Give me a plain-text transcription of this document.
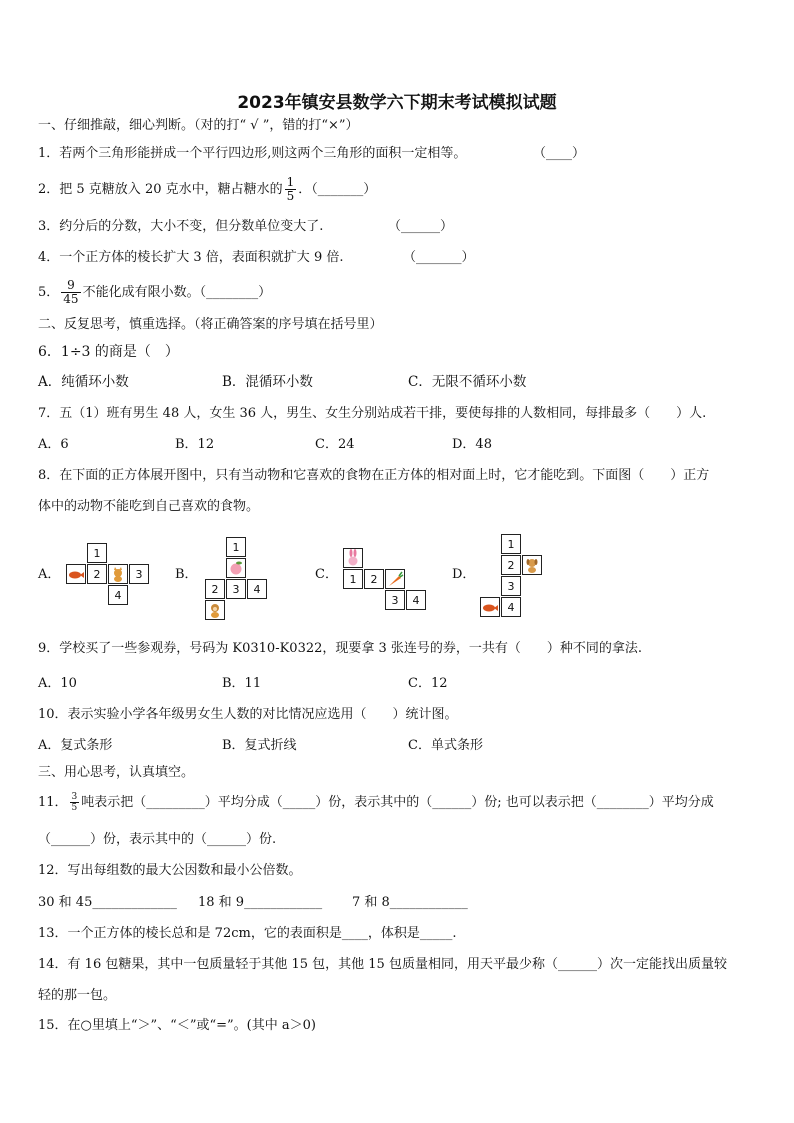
2023年镇安县数学六下期末考试模拟试题
一、仔细推敲，细心判断。（对的打“ √ ”，错的打“×”）
1．若两个三角形能拼成一个平行四边形,则这两个三角形的面积一定相等。	（____）
2．把 5 克糖放入 20 克水中，糖占糖水的 $\frac{1}{5}$ ．（_______）
3．约分后的分数，大小不变，但分数单位变大了.	（______）
4．一个正方体的棱长扩大 3 倍，表面积就扩大 9 倍.	（_______）
5． $\frac{9}{45}$ 不能化成有限小数。（________）
二、反复思考，慎重选择。（将正确答案的序号填在括号里）
6．1÷3 的商是（　）
A．纯循环小数	B．混循环小数	C．无限不循环小数
7．五（1）班有男生 48 人，女生 36 人，男生、女生分别站成若干排，要使每排的人数相同，每排最多（　　）人.
A．6	B．12	C．24	D．48
8．在下面的正方体展开图中，只有当动物和它喜欢的食物在正方体的相对面上时，它才能吃到。下面图（　　）正方
体中的动物不能吃到自己喜欢的食物。
A．
1
2	3
4
B．
1
2	3	4
C．	1	2
3	4
D．
1
2
3
4
9．学校买了一些参观券，号码为 K0310-K0322，现要拿 3 张连号的券，一共有（　　）种不同的拿法.
A．10	B．11	C．12
10．表示实验小学各年级男女生人数的对比情况应选用（　　）统计图。
A．复式条形	B．复式折线	C．单式条形
三、用心思考，认真填空。
11． $\frac{3}{5}$ 吨表示把（_________）平均分成（_____）份，表示其中的（______）份; 也可以表示把（________）平均分成
（______）份，表示其中的（______）份.
12．写出每组数的最大公因数和最小公倍数。
30 和 45_____________ 18 和 9____________ 7 和 8____________
13．一个正方体的棱长总和是 72cm，它的表面积是____，体积是_____.
14．有 16 包糖果，其中一包质量轻于其他 15 包，其他 15 包质量相同，用天平最少称（______）次一定能找出质量较
轻的那一包。
15．在○里填上“＞”、“＜”或“=”。(其中 a＞0)
